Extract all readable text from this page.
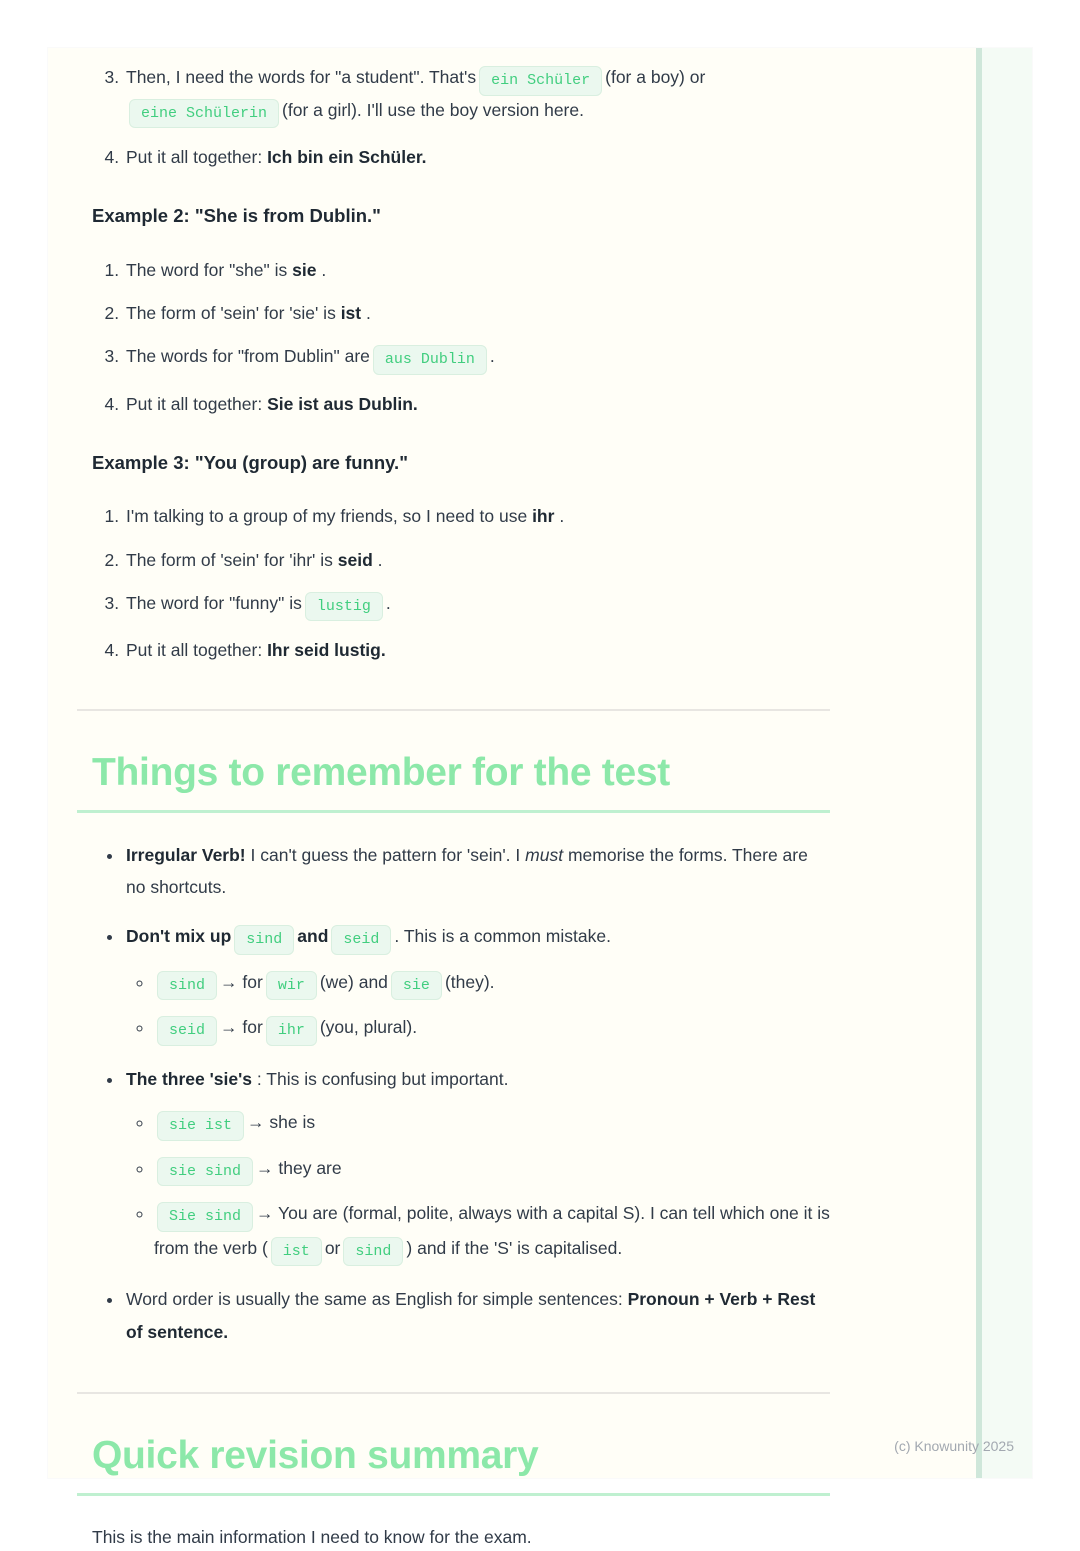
3. Then, I need the words for "a student". That's ein Schüler (for a boy) oreine Schülerin (for a girl). I'll use the boy version here.
4. Put it all together: Ich bin ein Schüler.
Example 2: "She is from Dublin."
1. The word for "she" is sie .
2. The form of 'sein' for 'sie' is ist .
3. The words for "from Dublin" are aus Dublin .
4. Put it all together: Sie ist aus Dublin.
Example 3: "You (group) are funny."
1. I'm talking to a group of my friends, so I need to use ihr .
2. The form of 'sein' for 'ihr' is seid .
3. The word for "funny" is lustig .
4. Put it all together: Ihr seid lustig.
Things to remember for the test
• Irregular Verb! I can't guess the pattern for 'sein'. I must memorise the forms. There are no shortcuts.
• Don't mix up sind and seid . This is a common mistake.
◦ sind → for wir (we) and sie (they).
◦ seid → for ihr (you, plural).
• The three 'sie's : This is confusing but important.
◦ sie ist → she is
◦ sie sind → they are
◦ Sie sind → You are (formal, polite, always with a capital S). I can tell which one it is from the verb ( ist or sind ) and if the 'S' is capitalised.
• Word order is usually the same as English for simple sentences: Pronoun + Verb + Rest of sentence.
Quick revision summary

This is the main information I need to know for the exam.

(c) Knowunity 2025
